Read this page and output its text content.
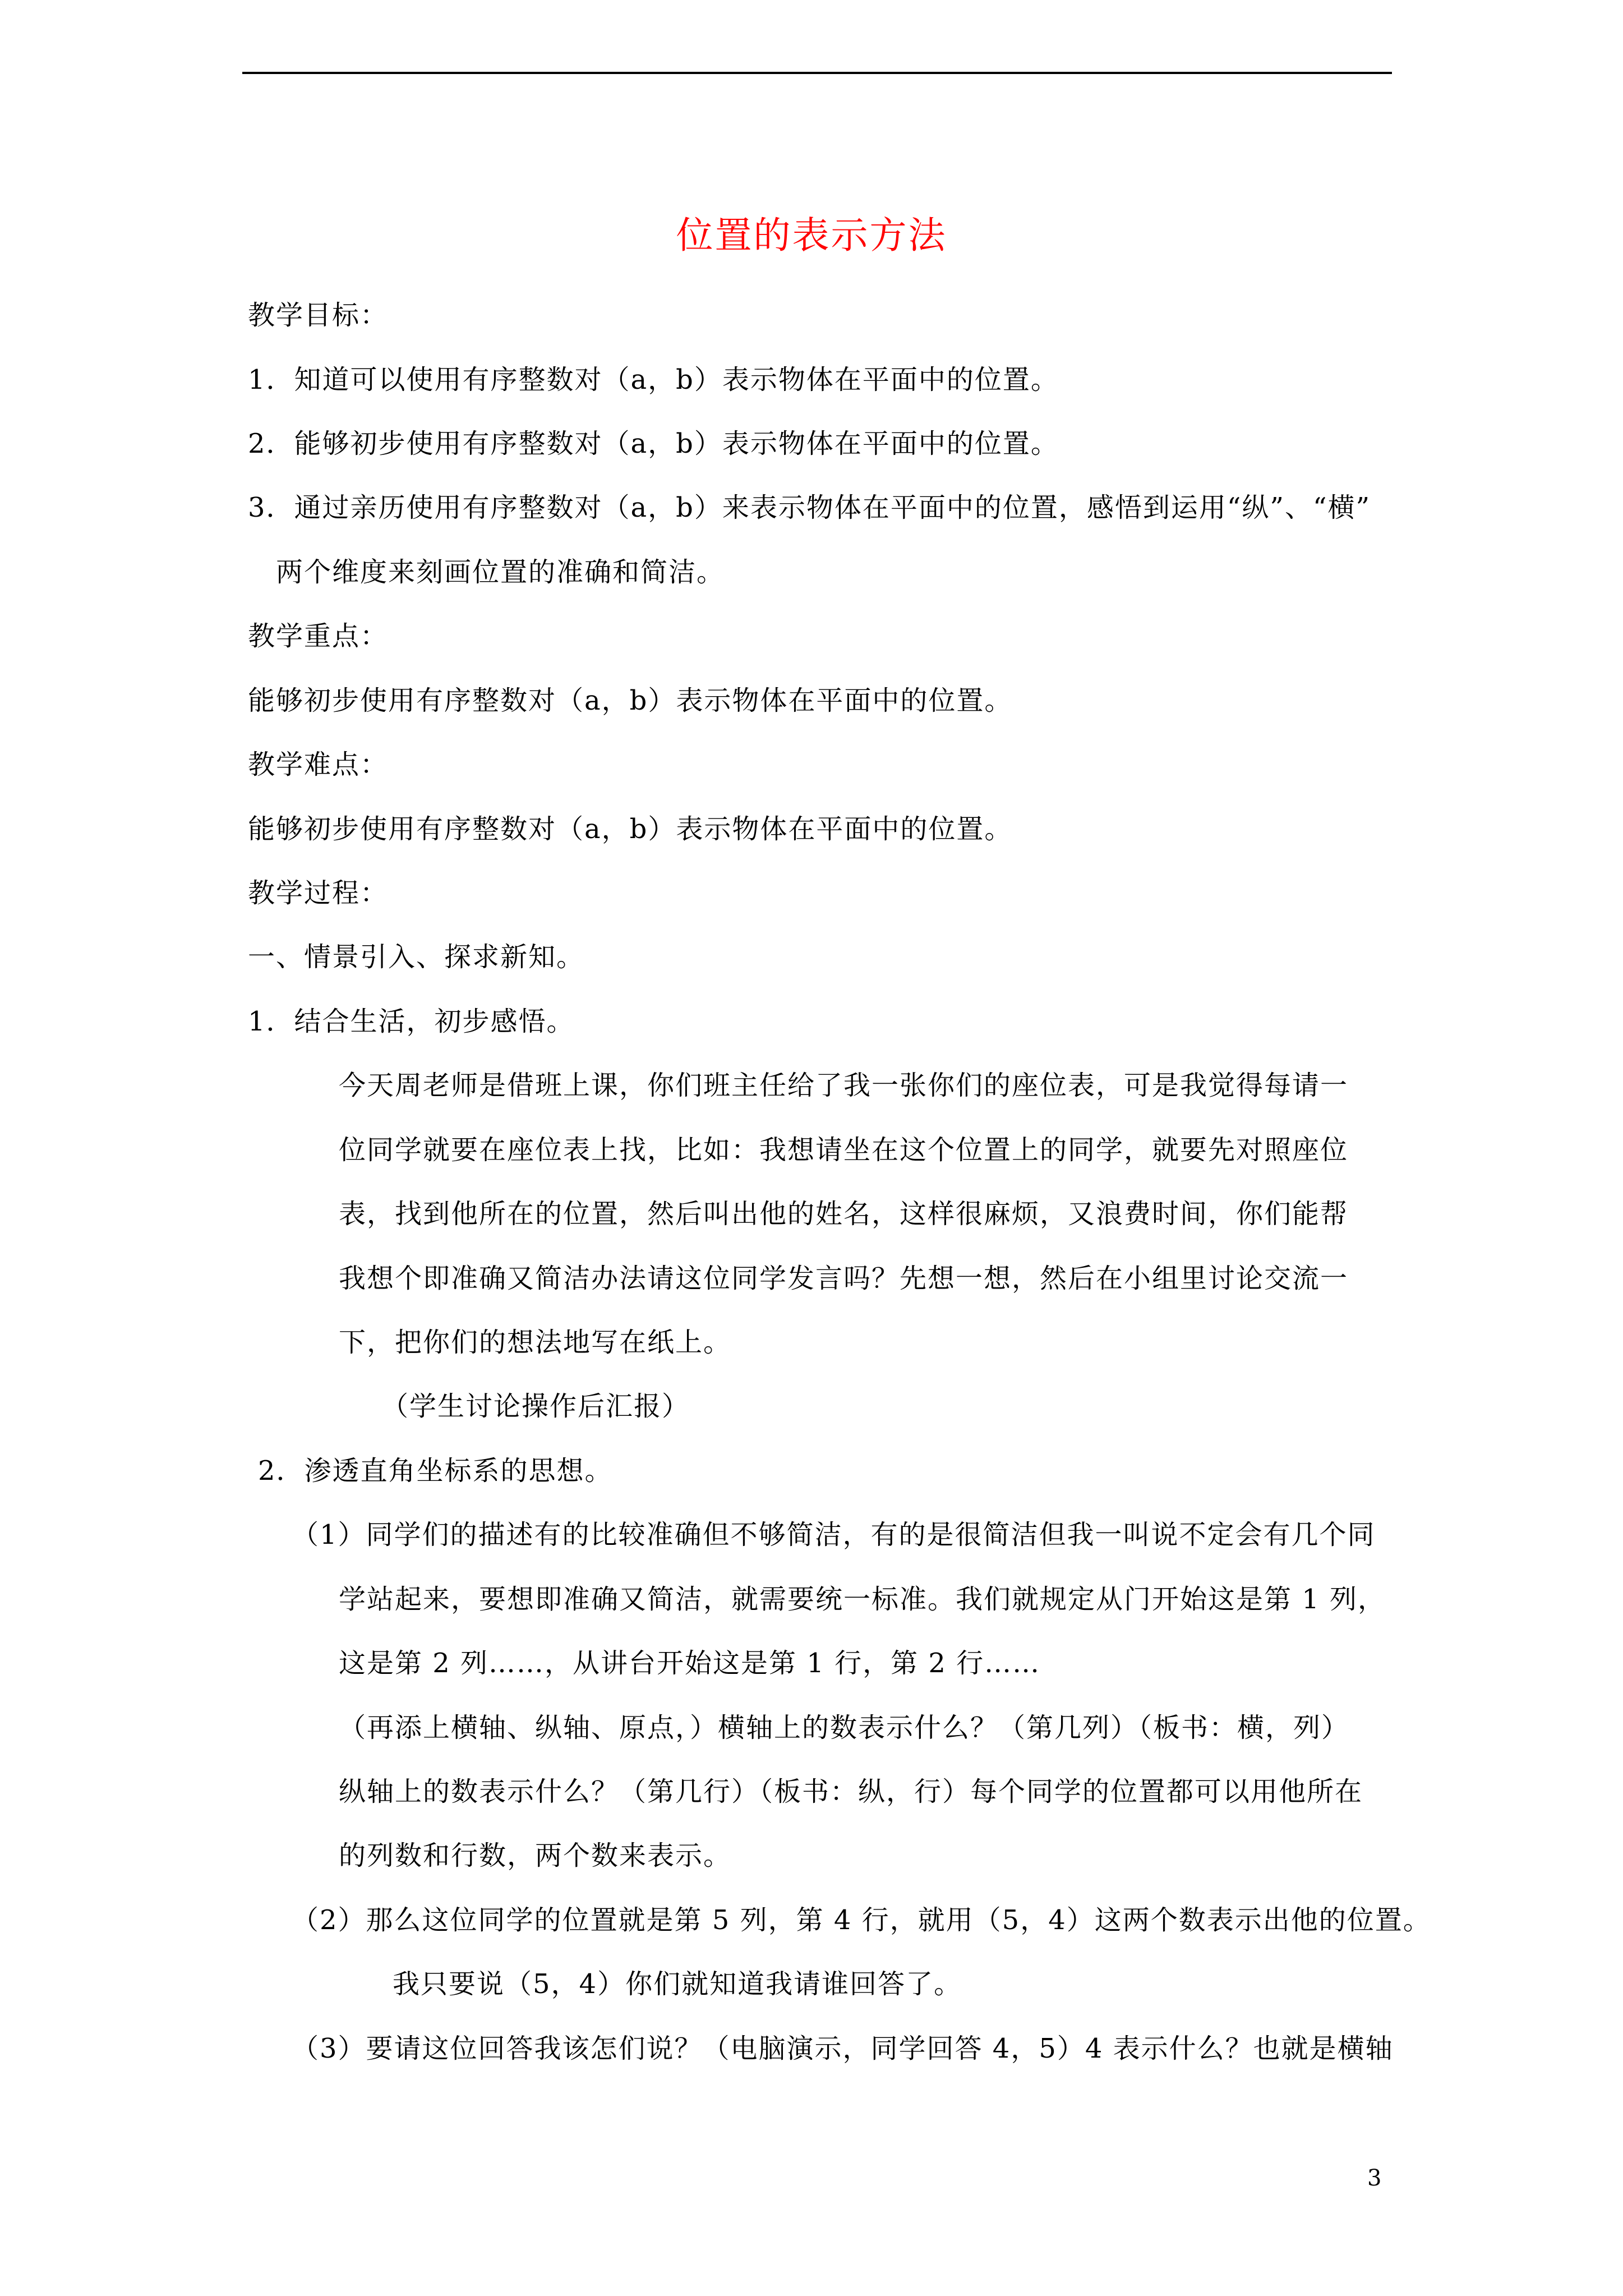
位置的表示方法
教学目标：
1．知道可以使用有序整数对（a，b）表示物体在平面中的位置。
2．能够初步使用有序整数对（a，b）表示物体在平面中的位置。
3．通过亲历使用有序整数对（a，b）来表示物体在平面中的位置，感悟到运用“纵”、“横”
两个维度来刻画位置的准确和简洁。
教学重点：
能够初步使用有序整数对（a，b）表示物体在平面中的位置。
教学难点：
能够初步使用有序整数对（a，b）表示物体在平面中的位置。
教学过程：
一、情景引入、探求新知。
1．结合生活，初步感悟。
今天周老师是借班上课，你们班主任给了我一张你们的座位表，可是我觉得每请一
位同学就要在座位表上找，比如：我想请坐在这个位置上的同学，就要先对照座位
表，找到他所在的位置，然后叫出他的姓名，这样很麻烦，又浪费时间，你们能帮
我想个即准确又简洁办法请这位同学发言吗？先想一想，然后在小组里讨论交流一
下，把你们的想法地写在纸上。
（学生讨论操作后汇报）
2．渗透直角坐标系的思想。
（1）同学们的描述有的比较准确但不够简洁，有的是很简洁但我一叫说不定会有几个同
学站起来，要想即准确又简洁，就需要统一标准。我们就规定从门开始这是第 1 列，
这是第 2 列……，从讲台开始这是第 1 行，第 2 行……
（再添上横轴、纵轴、原点，）横轴上的数表示什么？（第几列）（板书：横，列）
纵轴上的数表示什么？（第几行）（板书：纵，行）每个同学的位置都可以用他所在
的列数和行数，两个数来表示。
（2）那么这位同学的位置就是第 5 列，第 4 行，就用（5，4）这两个数表示出他的位置。
我只要说（5，4）你们就知道我请谁回答了。
（3）要请这位回答我该怎们说？（电脑演示，同学回答 4，5）4 表示什么？也就是横轴
3
